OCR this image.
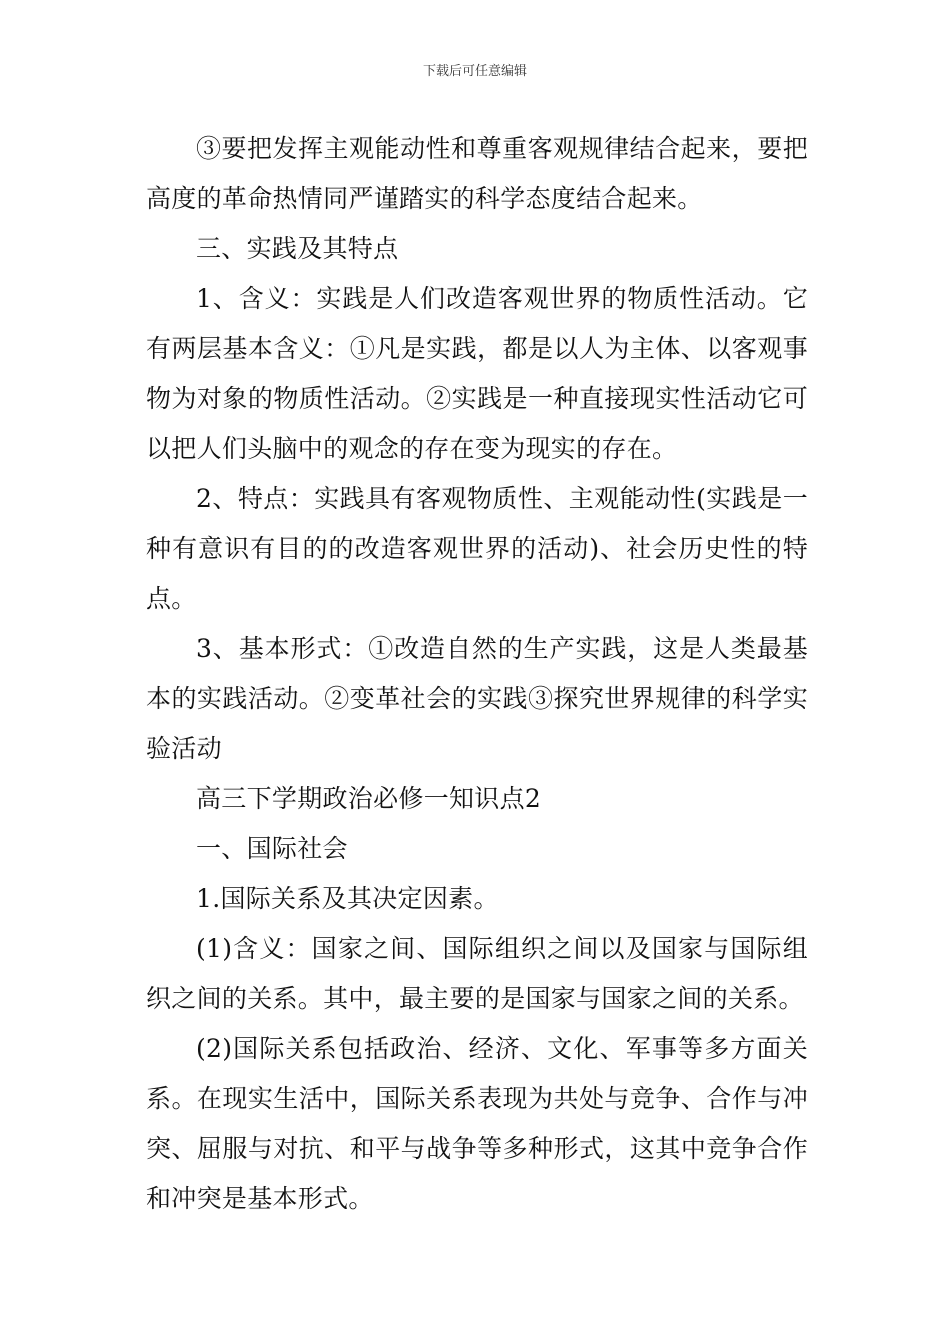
下载后可任意编辑

③要把发挥主观能动性和尊重客观规律结合起来，要把高度的革命热情同严谨踏实的科学态度结合起来。

三、实践及其特点

1、含义：实践是人们改造客观世界的物质性活动。它有两层基本含义：①凡是实践，都是以人为主体、以客观事物为对象的物质性活动。②实践是一种直接现实性活动它可以把人们头脑中的观念的存在变为现实的存在。

2、特点：实践具有客观物质性、主观能动性(实践是一种有意识有目的的改造客观世界的活动)、社会历史性的特点。

3、基本形式：①改造自然的生产实践，这是人类最基本的实践活动。②变革社会的实践③探究世界规律的科学实验活动

高三下学期政治必修一知识点2

一、国际社会

1.国际关系及其决定因素。

(1)含义：国家之间、国际组织之间以及国家与国际组织之间的关系。其中，最主要的是国家与国家之间的关系。

(2)国际关系包括政治、经济、文化、军事等多方面关系。在现实生活中，国际关系表现为共处与竞争、合作与冲突、屈服与对抗、和平与战争等多种形式，这其中竞争合作和冲突是基本形式。
